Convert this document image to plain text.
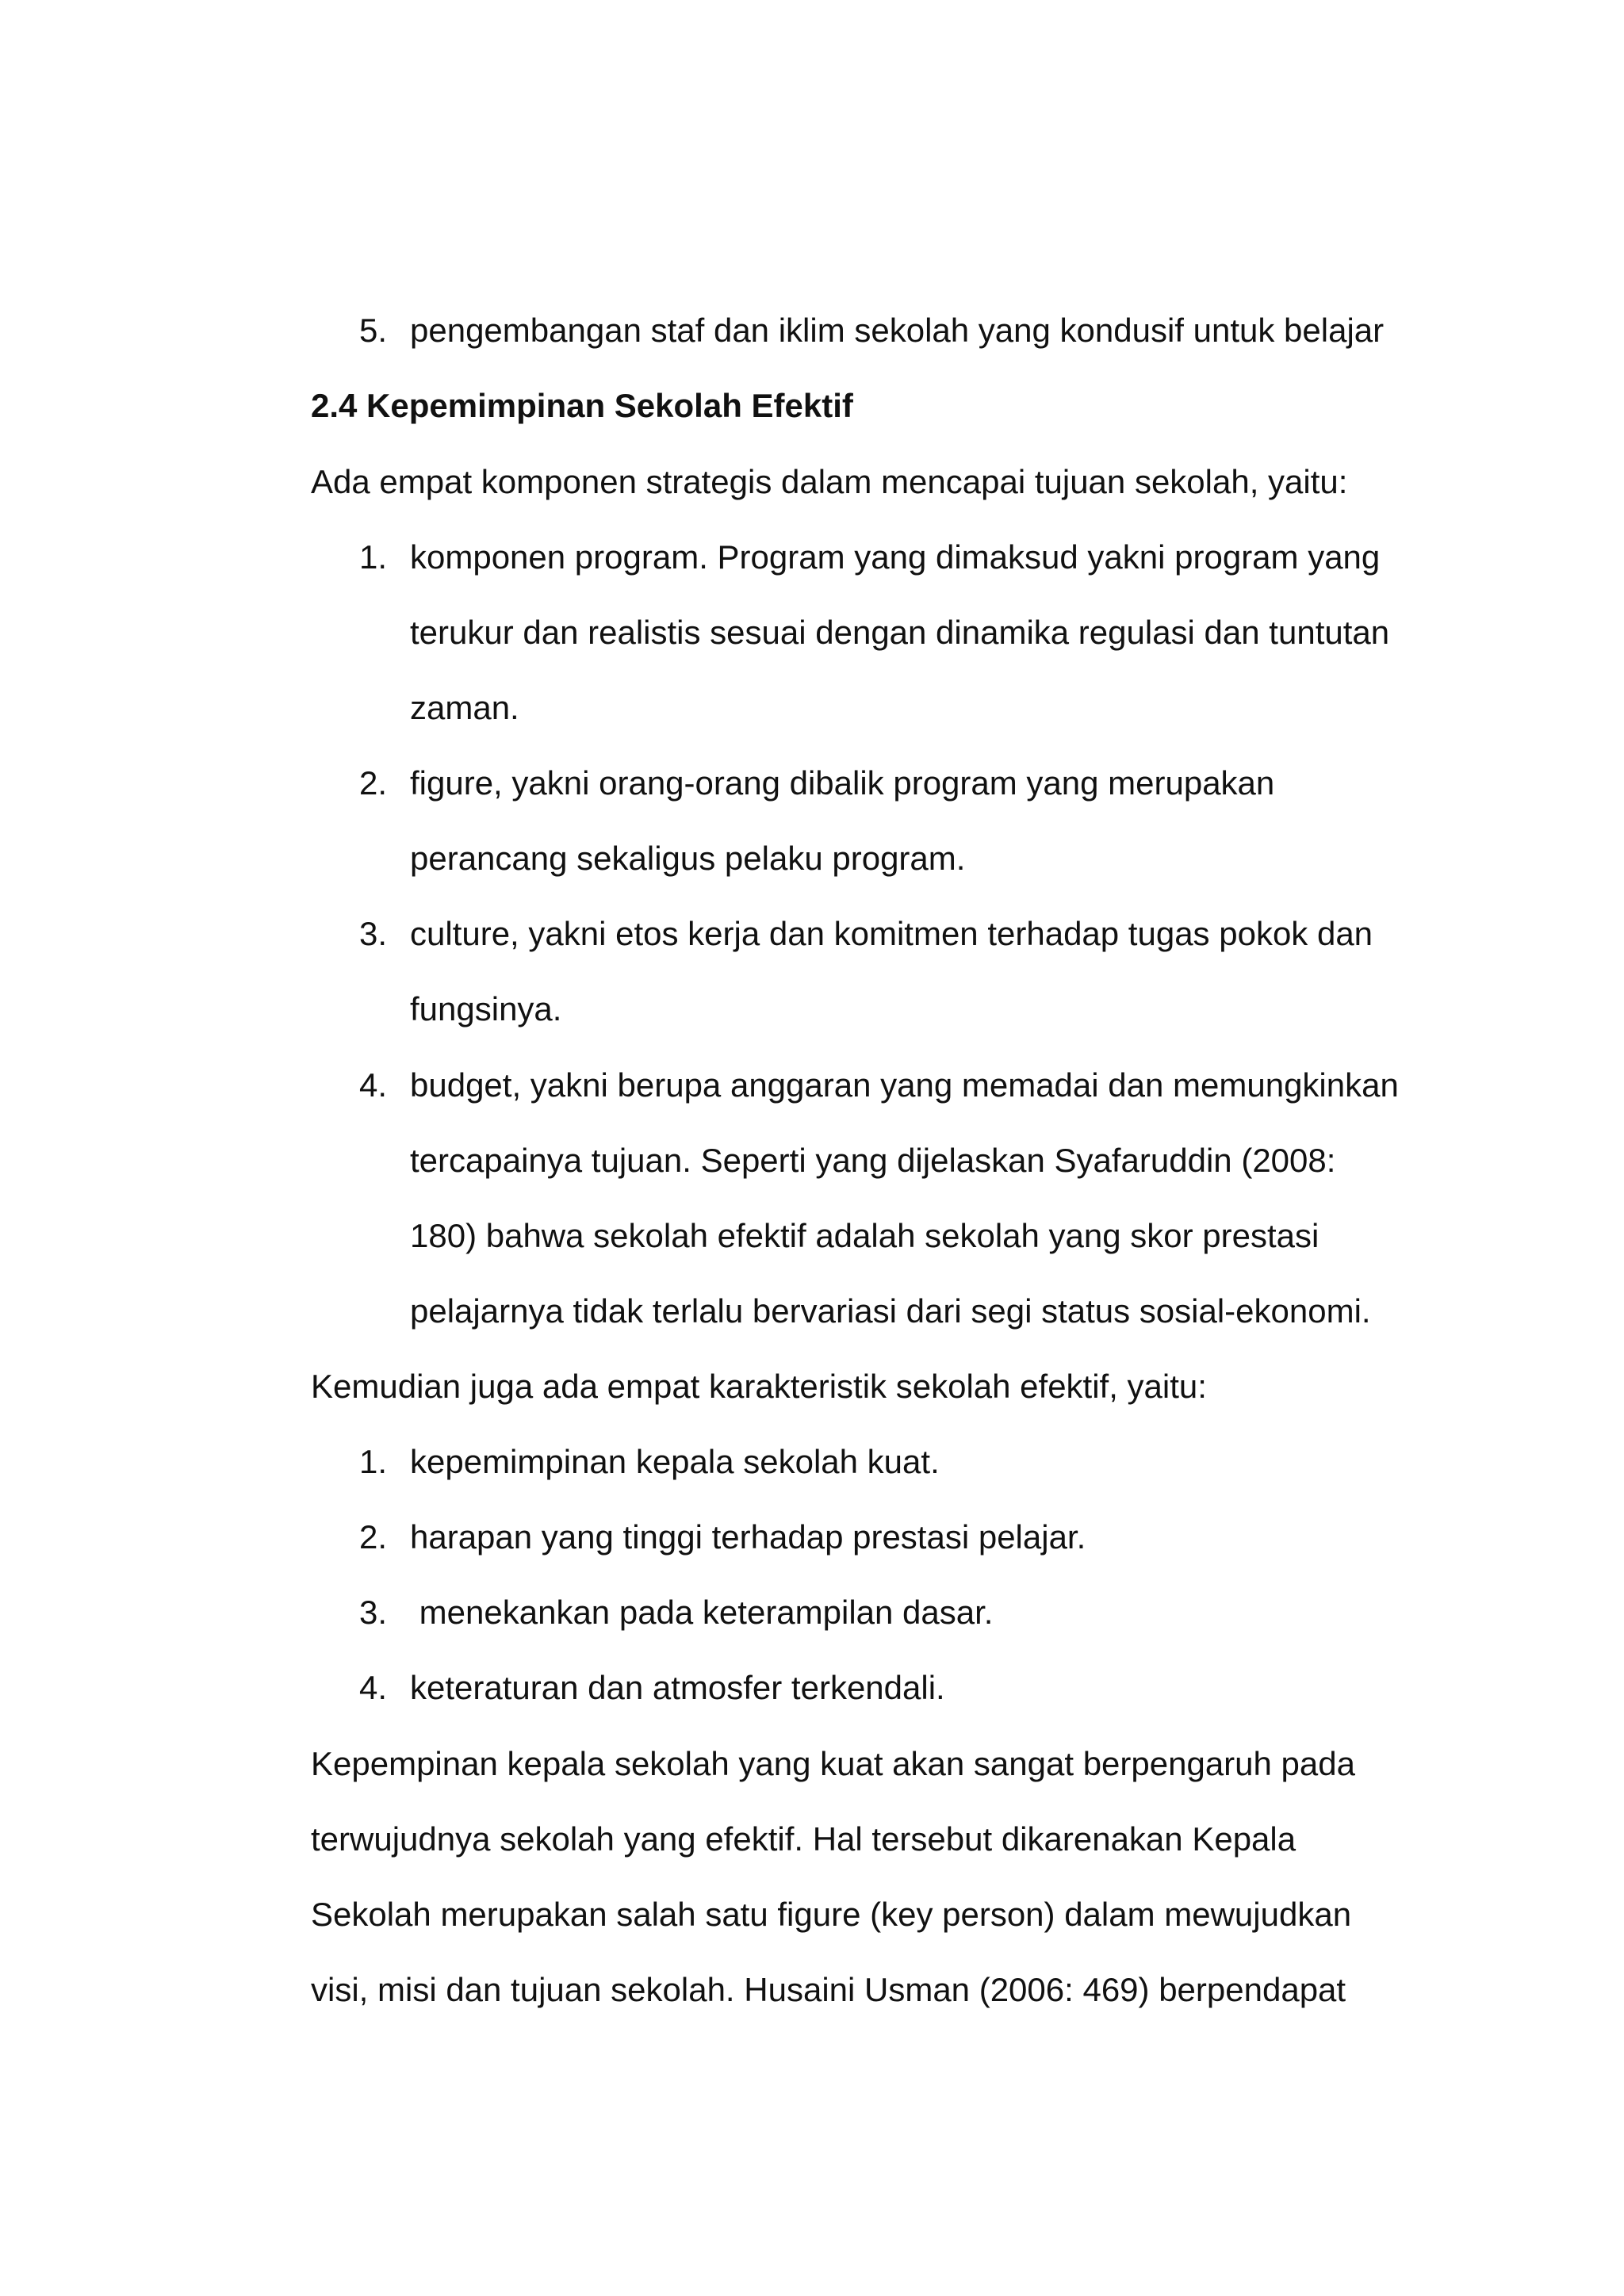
5. pengembangan staf dan iklim sekolah yang kondusif untuk belajar
2.4 Kepemimpinan Sekolah Efektif
Ada empat komponen strategis dalam mencapai tujuan sekolah, yaitu:
1. komponen program. Program yang dimaksud yakni program yang
terukur dan realistis sesuai dengan dinamika regulasi dan tuntutan
zaman.
2. figure, yakni orang-orang dibalik program yang merupakan
perancang sekaligus pelaku program.
3. culture, yakni etos kerja dan komitmen terhadap tugas pokok dan
fungsinya.
4. budget, yakni berupa anggaran yang memadai dan memungkinkan
tercapainya tujuan. Seperti yang dijelaskan Syafaruddin (2008:
180) bahwa sekolah efektif adalah sekolah yang skor prestasi
pelajarnya tidak terlalu bervariasi dari segi status sosial-ekonomi.
Kemudian juga ada empat karakteristik sekolah efektif, yaitu:
1. kepemimpinan kepala sekolah kuat.
2. harapan yang tinggi terhadap prestasi pelajar.
3. menekankan pada keterampilan dasar.
4. keteraturan dan atmosfer terkendali.
Kepempinan kepala sekolah yang kuat akan sangat berpengaruh pada
terwujudnya sekolah yang efektif. Hal tersebut dikarenakan Kepala
Sekolah merupakan salah satu figure (key person) dalam mewujudkan
visi, misi dan tujuan sekolah. Husaini Usman (2006: 469) berpendapat
